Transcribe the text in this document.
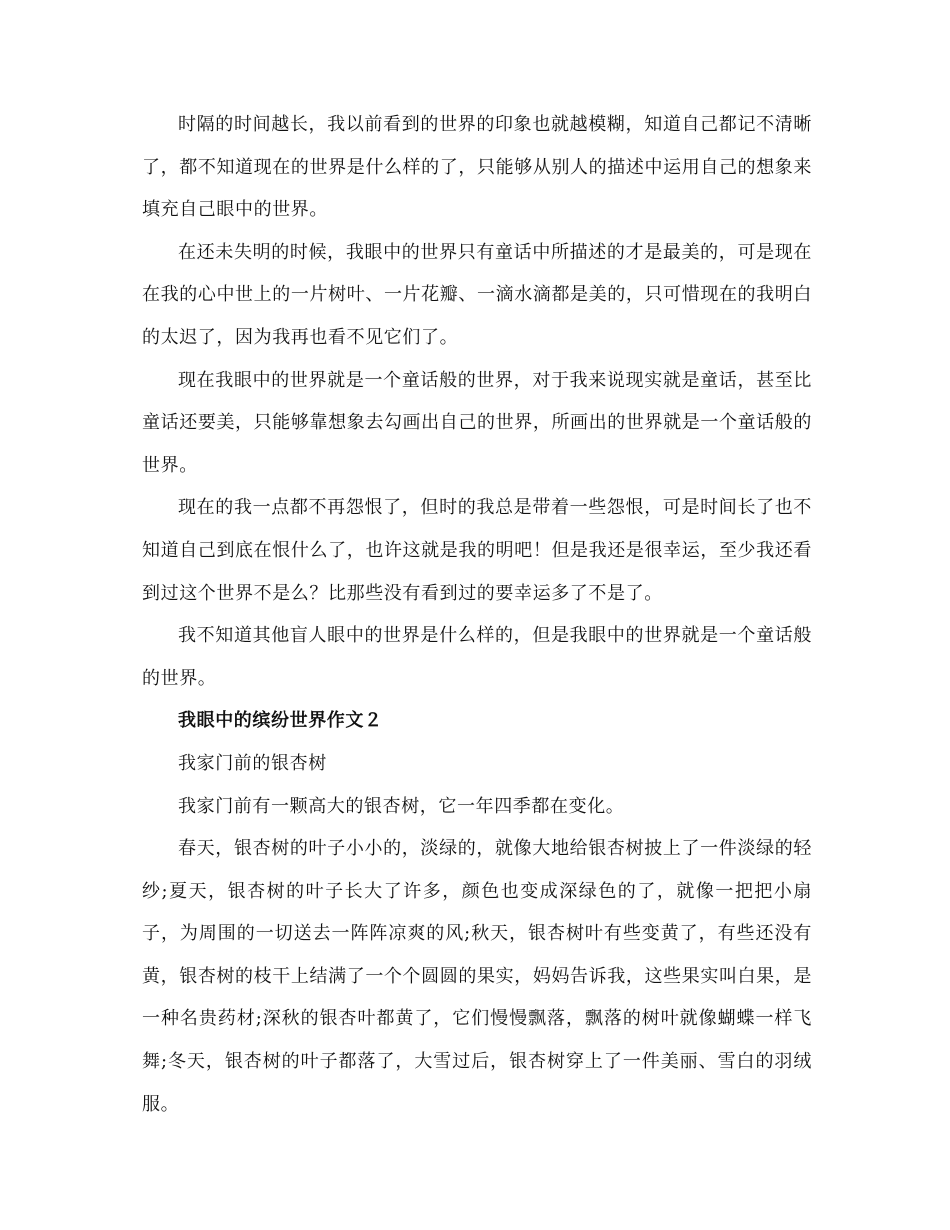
时隔的时间越长，我以前看到的世界的印象也就越模糊，知道自己都记不清晰了，都不知道现在的世界是什么样的了，只能够从别人的描述中运用自己的想象来填充自己眼中的世界。

在还未失明的时候，我眼中的世界只有童话中所描述的才是最美的，可是现在在我的心中世上的一片树叶、一片花瓣、一滴水滴都是美的，只可惜现在的我明白的太迟了，因为我再也看不见它们了。

现在我眼中的世界就是一个童话般的世界，对于我来说现实就是童话，甚至比童话还要美，只能够靠想象去勾画出自己的世界，所画出的世界就是一个童话般的世界。

现在的我一点都不再怨恨了，但时的我总是带着一些怨恨，可是时间长了也不知道自己到底在恨什么了，也许这就是我的明吧！但是我还是很幸运，至少我还看到过这个世界不是么？比那些没有看到过的要幸运多了不是了。

我不知道其他盲人眼中的世界是什么样的，但是我眼中的世界就是一个童话般的世界。

我眼中的缤纷世界作文２

我家门前的银杏树

我家门前有一颗高大的银杏树，它一年四季都在变化。

春天，银杏树的叶子小小的，淡绿的，就像大地给银杏树披上了一件淡绿的轻纱;夏天，银杏树的叶子长大了许多，颜色也变成深绿色的了，就像一把把小扇子，为周围的一切送去一阵阵凉爽的风;秋天，银杏树叶有些变黄了，有些还没有黄，银杏树的枝干上结满了一个个圆圆的果实，妈妈告诉我，这些果实叫白果，是一种名贵药材;深秋的银杏叶都黄了，它们慢慢飘落，飘落的树叶就像蝴蝶一样飞舞;冬天，银杏树的叶子都落了，大雪过后，银杏树穿上了一件美丽、雪白的羽绒服。
